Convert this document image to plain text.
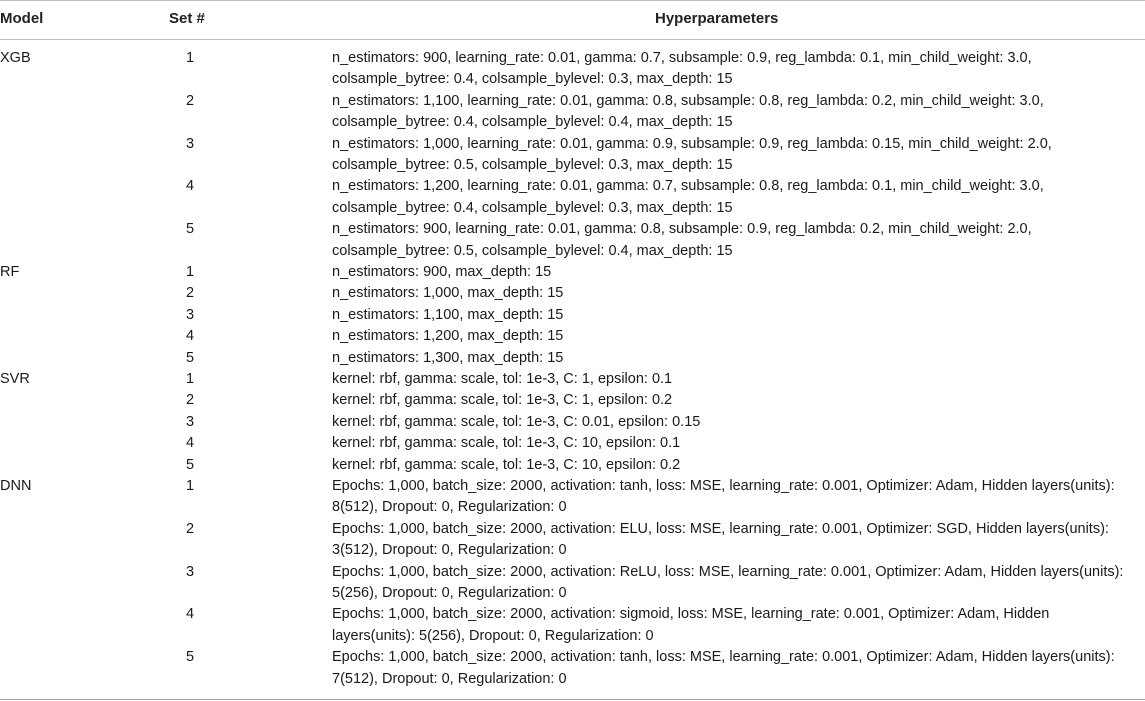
Model	Set #	Hyperparameters
XGB	1	n_estimators: 900, learning_rate: 0.01, gamma: 0.7, subsample: 0.9, reg_lambda: 0.1, min_child_weight: 3.0,
colsample_bytree: 0.4, colsample_bylevel: 0.3, max_depth: 15
2	n_estimators: 1,100, learning_rate: 0.01, gamma: 0.8, subsample: 0.8, reg_lambda: 0.2, min_child_weight: 3.0,
colsample_bytree: 0.4, colsample_bylevel: 0.4, max_depth: 15
3	n_estimators: 1,000, learning_rate: 0.01, gamma: 0.9, subsample: 0.9, reg_lambda: 0.15, min_child_weight: 2.0,
colsample_bytree: 0.5, colsample_bylevel: 0.3, max_depth: 15
4	n_estimators: 1,200, learning_rate: 0.01, gamma: 0.7, subsample: 0.8, reg_lambda: 0.1, min_child_weight: 3.0,
colsample_bytree: 0.4, colsample_bylevel: 0.3, max_depth: 15
5	n_estimators: 900, learning_rate: 0.01, gamma: 0.8, subsample: 0.9, reg_lambda: 0.2, min_child_weight: 2.0,
colsample_bytree: 0.5, colsample_bylevel: 0.4, max_depth: 15
RF	1	n_estimators: 900, max_depth: 15
2	n_estimators: 1,000, max_depth: 15
3	n_estimators: 1,100, max_depth: 15
4	n_estimators: 1,200, max_depth: 15
5	n_estimators: 1,300, max_depth: 15
SVR	1	kernel: rbf, gamma: scale, tol: 1e-3, C: 1, epsilon: 0.1
2	kernel: rbf, gamma: scale, tol: 1e-3, C: 1, epsilon: 0.2
3	kernel: rbf, gamma: scale, tol: 1e-3, C: 0.01, epsilon: 0.15
4	kernel: rbf, gamma: scale, tol: 1e-3, C: 10, epsilon: 0.1
5	kernel: rbf, gamma: scale, tol: 1e-3, C: 10, epsilon: 0.2
DNN	1	Epochs: 1,000, batch_size: 2000, activation: tanh, loss: MSE, learning_rate: 0.001, Optimizer: Adam, Hidden layers(units):
8(512), Dropout: 0, Regularization: 0
2	Epochs: 1,000, batch_size: 2000, activation: ELU, loss: MSE, learning_rate: 0.001, Optimizer: SGD, Hidden layers(units):
3(512), Dropout: 0, Regularization: 0
3	Epochs: 1,000, batch_size: 2000, activation: ReLU, loss: MSE, learning_rate: 0.001, Optimizer: Adam, Hidden layers(units):
5(256), Dropout: 0, Regularization: 0
4	Epochs: 1,000, batch_size: 2000, activation: sigmoid, loss: MSE, learning_rate: 0.001, Optimizer: Adam, Hidden
layers(units): 5(256), Dropout: 0, Regularization: 0
5	Epochs: 1,000, batch_size: 2000, activation: tanh, loss: MSE, learning_rate: 0.001, Optimizer: Adam, Hidden layers(units):
7(512), Dropout: 0, Regularization: 0
